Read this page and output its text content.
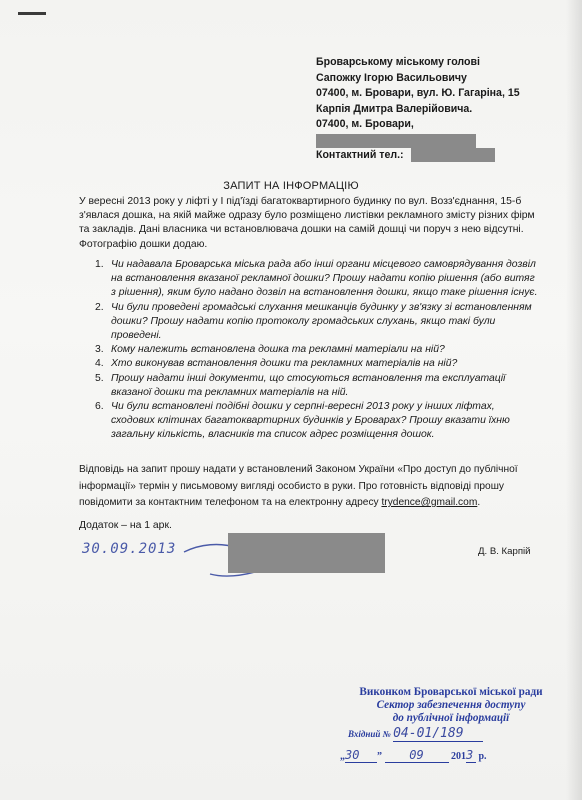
Броварському міському голові
Сапожку Ігорю Васильовичу
07400, м. Бровари, вул. Ю. Гагаріна, 15
Карпія Дмитра Валерійовича.
07400, м. Бровари,
Контактний тел.:
ЗАПИТ НА ІНФОРМАЦІЮ
У вересні 2013 року у ліфті у І під'їзді багатоквартирного будинку по вул. Возз'єднання, 15-б з'явлася дошка, на якій майже одразу було розміщено листівки рекламного змісту різних фірм та закладів. Дані власника чи встановлювача дошки на самій дошці чи поруч з нею відсутні. Фотографію дошки додаю.
1. Чи надавала Броварська міська рада або інші органи місцевого самоврядування дозвіл на встановлення вказаної рекламної дошки? Прошу надати копію рішення (або витяг з рішення), яким було надано дозвіл на встановлення дошки, якщо таке рішення існує.
2. Чи були проведені громадські слухання мешканців будинку у зв'язку зі встановленням дошки? Прошу надати копію протоколу громадських слухань, якщо такі були проведені.
3. Кому належить встановлена дошка та рекламні матеріали на ній?
4. Хто виконував встановлення дошки та рекламних матеріалів на ній?
5. Прошу надати інші документи, що стосуються встановлення та експлуатації вказаної дошки та рекламних матеріалів на ній.
6. Чи були встановлені подібні дошки у серпні-вересні 2013 року у інших ліфтах, сходових клітинах багатоквартирних будинків у Броварах? Прошу вказати їхню загальну кількість, власників та список адрес розміщення дошок.
Відповідь на запит прошу надати у встановлений Законом України «Про доступ до публічної інформації» термін у письмовому вигляді особисто в руки. Про готовність відповіді прошу повідомити за контактним телефоном та на електронну адресу trydence@gmail.com.
Додаток – на 1 арк.
30.09.2013	Д. В. Карпій
Виконком Броварської міської ради
Сектор забезпечення доступу
до публічної інформації
Вхідний № 04-01/189
„30 ” 09	2013 р.
